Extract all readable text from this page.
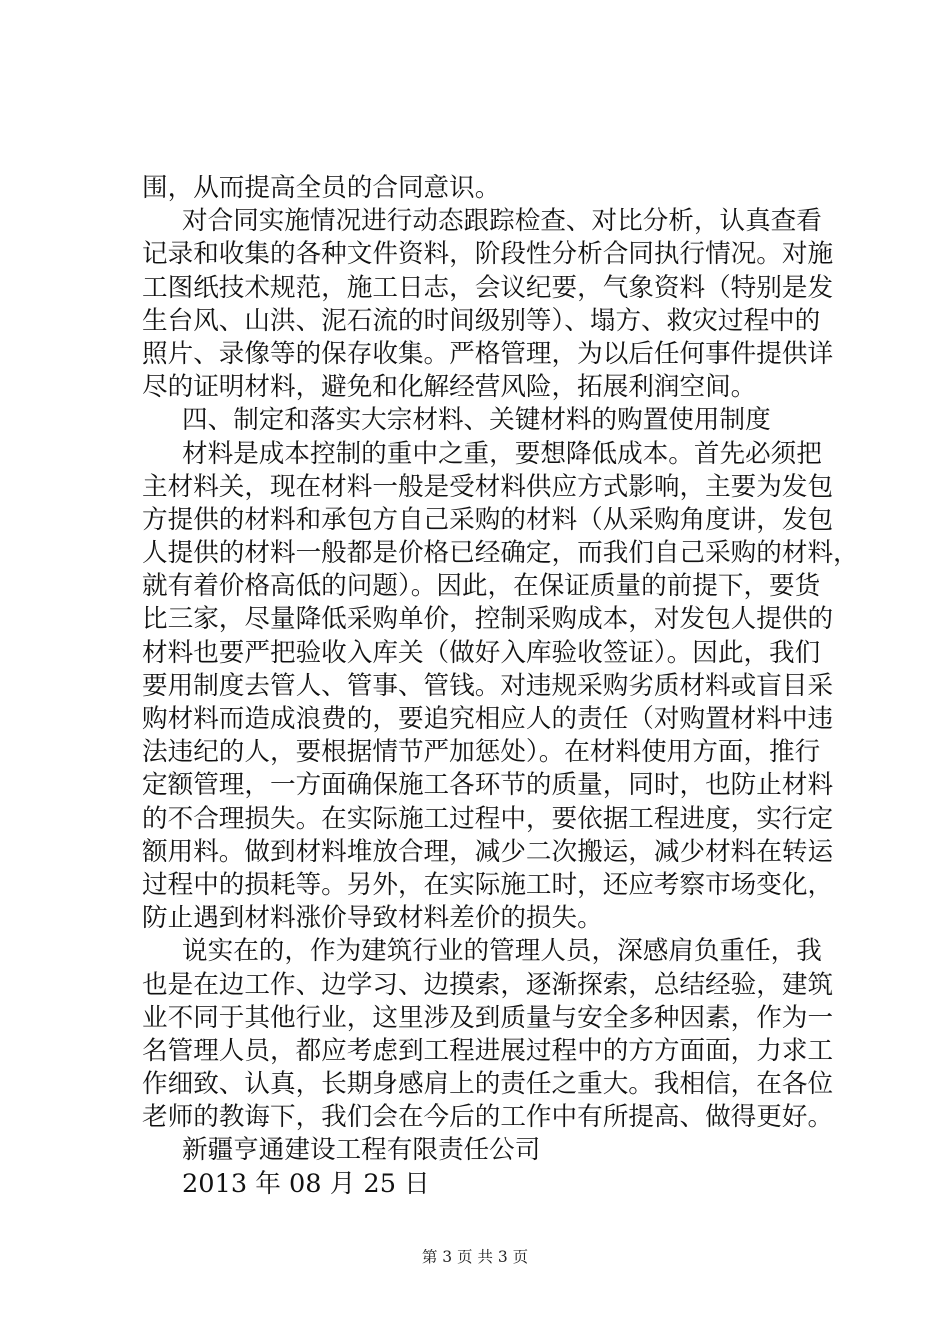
围，从而提高全员的合同意识。
对合同实施情况进行动态跟踪检查、对比分析，认真查看
记录和收集的各种文件资料，阶段性分析合同执行情况。对施
工图纸技术规范，施工日志，会议纪要，气象资料（特别是发
生台风、山洪、泥石流的时间级别等）、塌方、救灾过程中的
照片、录像等的保存收集。严格管理，为以后任何事件提供详
尽的证明材料，避免和化解经营风险，拓展利润空间。
四、制定和落实大宗材料、关键材料的购置使用制度
材料是成本控制的重中之重，要想降低成本。首先必须把
主材料关，现在材料一般是受材料供应方式影响，主要为发包
方提供的材料和承包方自己采购的材料（从采购角度讲，发包
人提供的材料一般都是价格已经确定，而我们自己采购的材料，
就有着价格高低的问题）。因此，在保证质量的前提下，要货
比三家，尽量降低采购单价，控制采购成本，对发包人提供的
材料也要严把验收入库关（做好入库验收签证）。因此，我们
要用制度去管人、管事、管钱。对违规采购劣质材料或盲目采
购材料而造成浪费的，要追究相应人的责任（对购置材料中违
法违纪的人，要根据情节严加惩处）。在材料使用方面，推行
定额管理，一方面确保施工各环节的质量，同时，也防止材料
的不合理损失。在实际施工过程中，要依据工程进度，实行定
额用料。做到材料堆放合理，减少二次搬运，减少材料在转运
过程中的损耗等。另外，在实际施工时，还应考察市场变化，
防止遇到材料涨价导致材料差价的损失。
说实在的，作为建筑行业的管理人员，深感肩负重任，我
也是在边工作、边学习、边摸索，逐渐探索，总结经验，建筑
业不同于其他行业，这里涉及到质量与安全多种因素，作为一
名管理人员，都应考虑到工程进展过程中的方方面面，力求工
作细致、认真，长期身感肩上的责任之重大。我相信，在各位
老师的教诲下，我们会在今后的工作中有所提高、做得更好。
新疆亨通建设工程有限责任公司
2013 年 08 月 25 日
第 3 页 共 3 页
